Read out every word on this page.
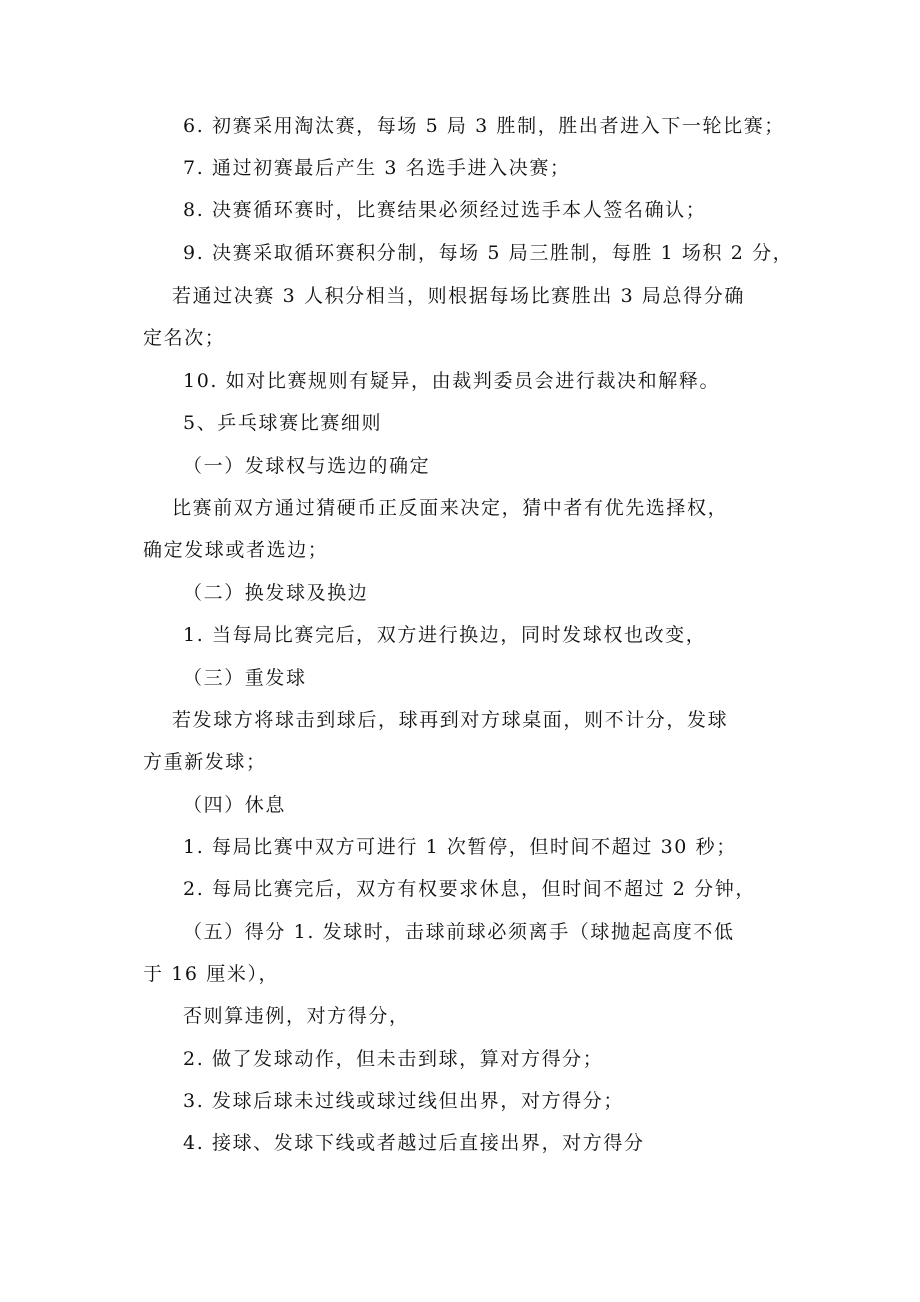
6. 初赛采用淘汰赛，每场 5 局 3 胜制，胜出者进入下一轮比赛；
7. 通过初赛最后产生 3 名选手进入决赛；
8. 决赛循环赛时，比赛结果必须经过选手本人签名确认；
9. 决赛采取循环赛积分制，每场 5 局三胜制，每胜 1 场积 2 分，
若通过决赛 3 人积分相当，则根据每场比赛胜出 3 局总得分确
定名次；
10. 如对比赛规则有疑异，由裁判委员会进行裁决和解释。
5、乒乓球赛比赛细则
（一）发球权与选边的确定
比赛前双方通过猜硬币正反面来决定，猜中者有优先选择权，
确定发球或者选边；
（二）换发球及换边
1. 当每局比赛完后，双方进行换边，同时发球权也改变，
（三）重发球
若发球方将球击到球后，球再到对方球桌面，则不计分，发球
方重新发球；
（四）休息
1. 每局比赛中双方可进行 1 次暂停，但时间不超过 30 秒；
2. 每局比赛完后，双方有权要求休息，但时间不超过 2 分钟，
（五）得分 1. 发球时，击球前球必须离手（球抛起高度不低
于 16 厘米），
否则算违例，对方得分，
2. 做了发球动作，但未击到球，算对方得分；
3. 发球后球未过线或球过线但出界，对方得分；
4. 接球、发球下线或者越过后直接出界，对方得分
